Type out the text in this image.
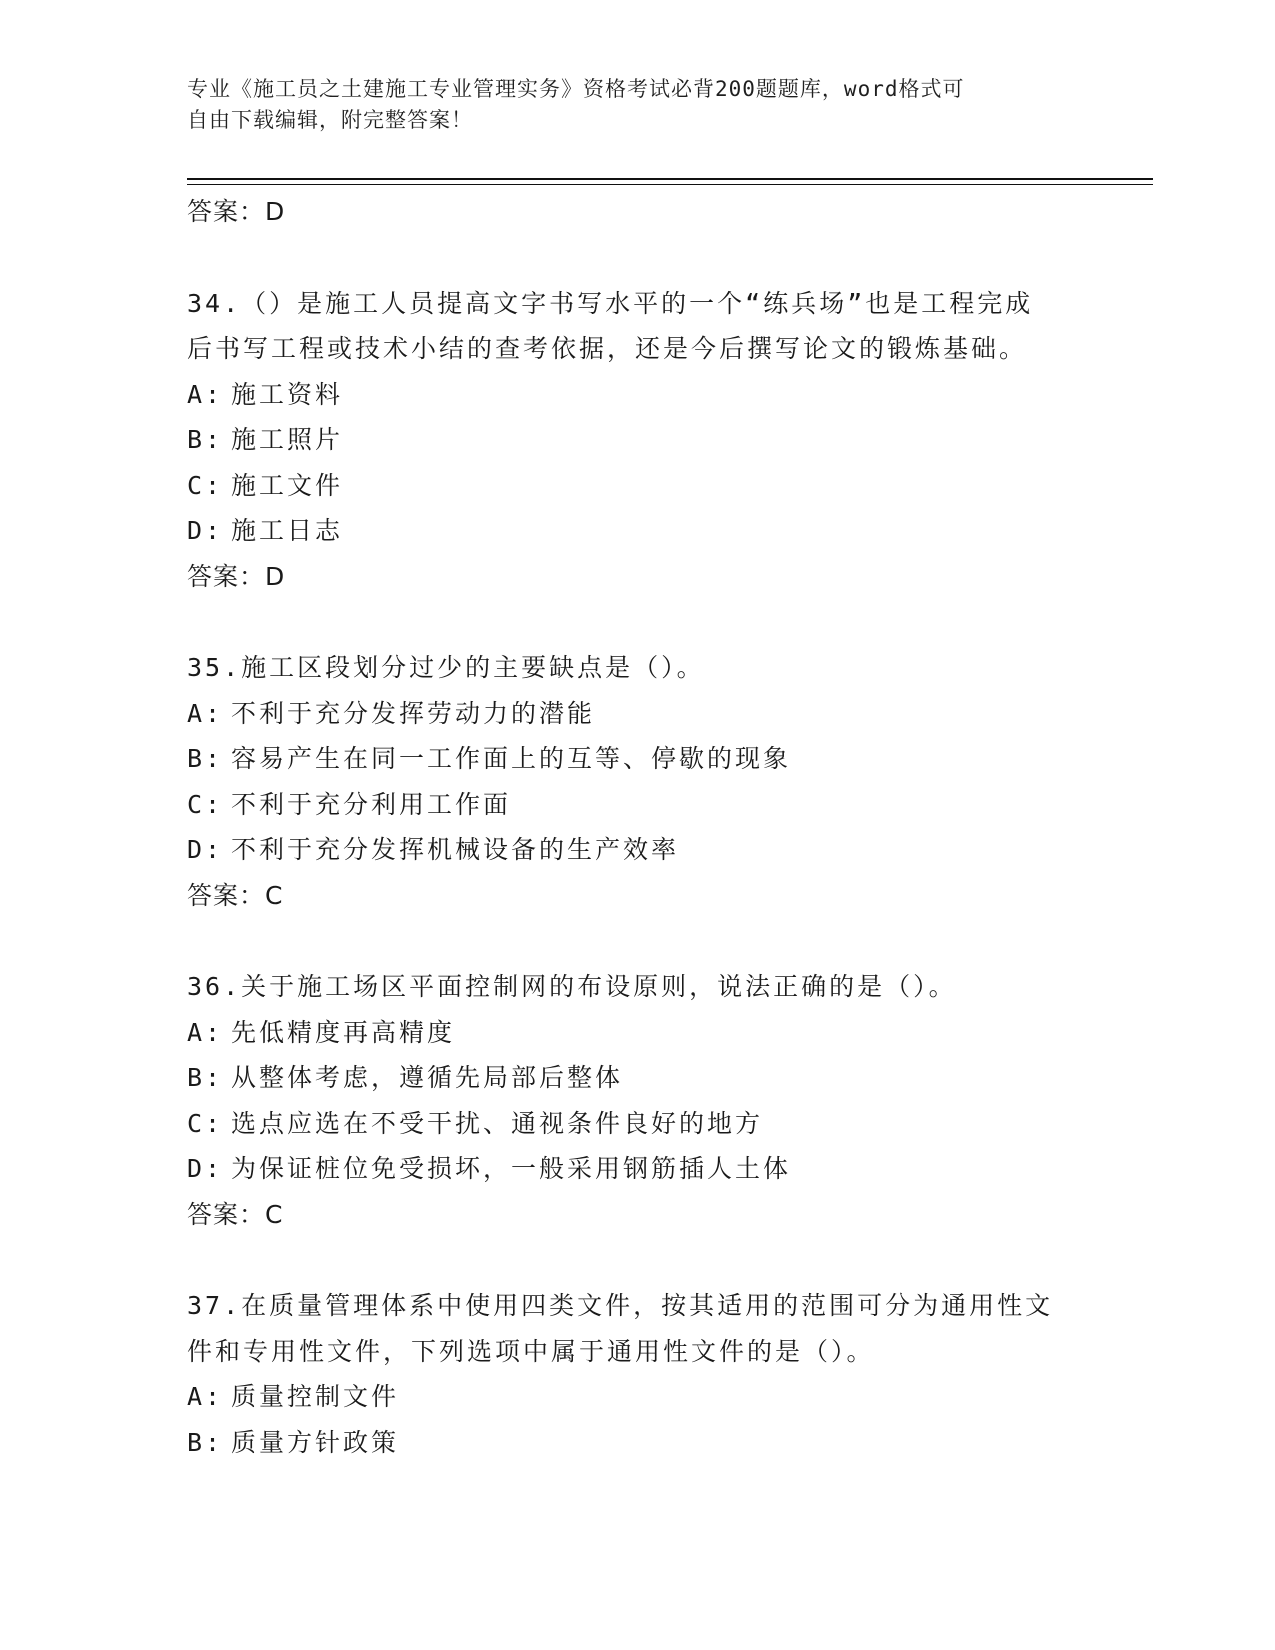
专业《施工员之土建施工专业管理实务》资格考试必背200题题库，word格式可
自由下载编辑，附完整答案！
答案：D
34.（）是施工人员提高文字书写水平的一个“练兵场”也是工程完成
后书写工程或技术小结的查考依据，还是今后撰写论文的锻炼基础。
A: 施工资料
B: 施工照片
C: 施工文件
D: 施工日志
答案：D
35.施工区段划分过少的主要缺点是（）。
A: 不利于充分发挥劳动力的潜能
B: 容易产生在同一工作面上的互等、停歇的现象
C: 不利于充分利用工作面
D: 不利于充分发挥机械设备的生产效率
答案：C
36.关于施工场区平面控制网的布设原则，说法正确的是（）。
A: 先低精度再高精度
B: 从整体考虑，遵循先局部后整体
C: 选点应选在不受干扰、通视条件良好的地方
D: 为保证桩位免受损坏，一般采用钢筋插人土体
答案：C
37.在质量管理体系中使用四类文件，按其适用的范围可分为通用性文
件和专用性文件，下列选项中属于通用性文件的是（）。
A: 质量控制文件
B: 质量方针政策
